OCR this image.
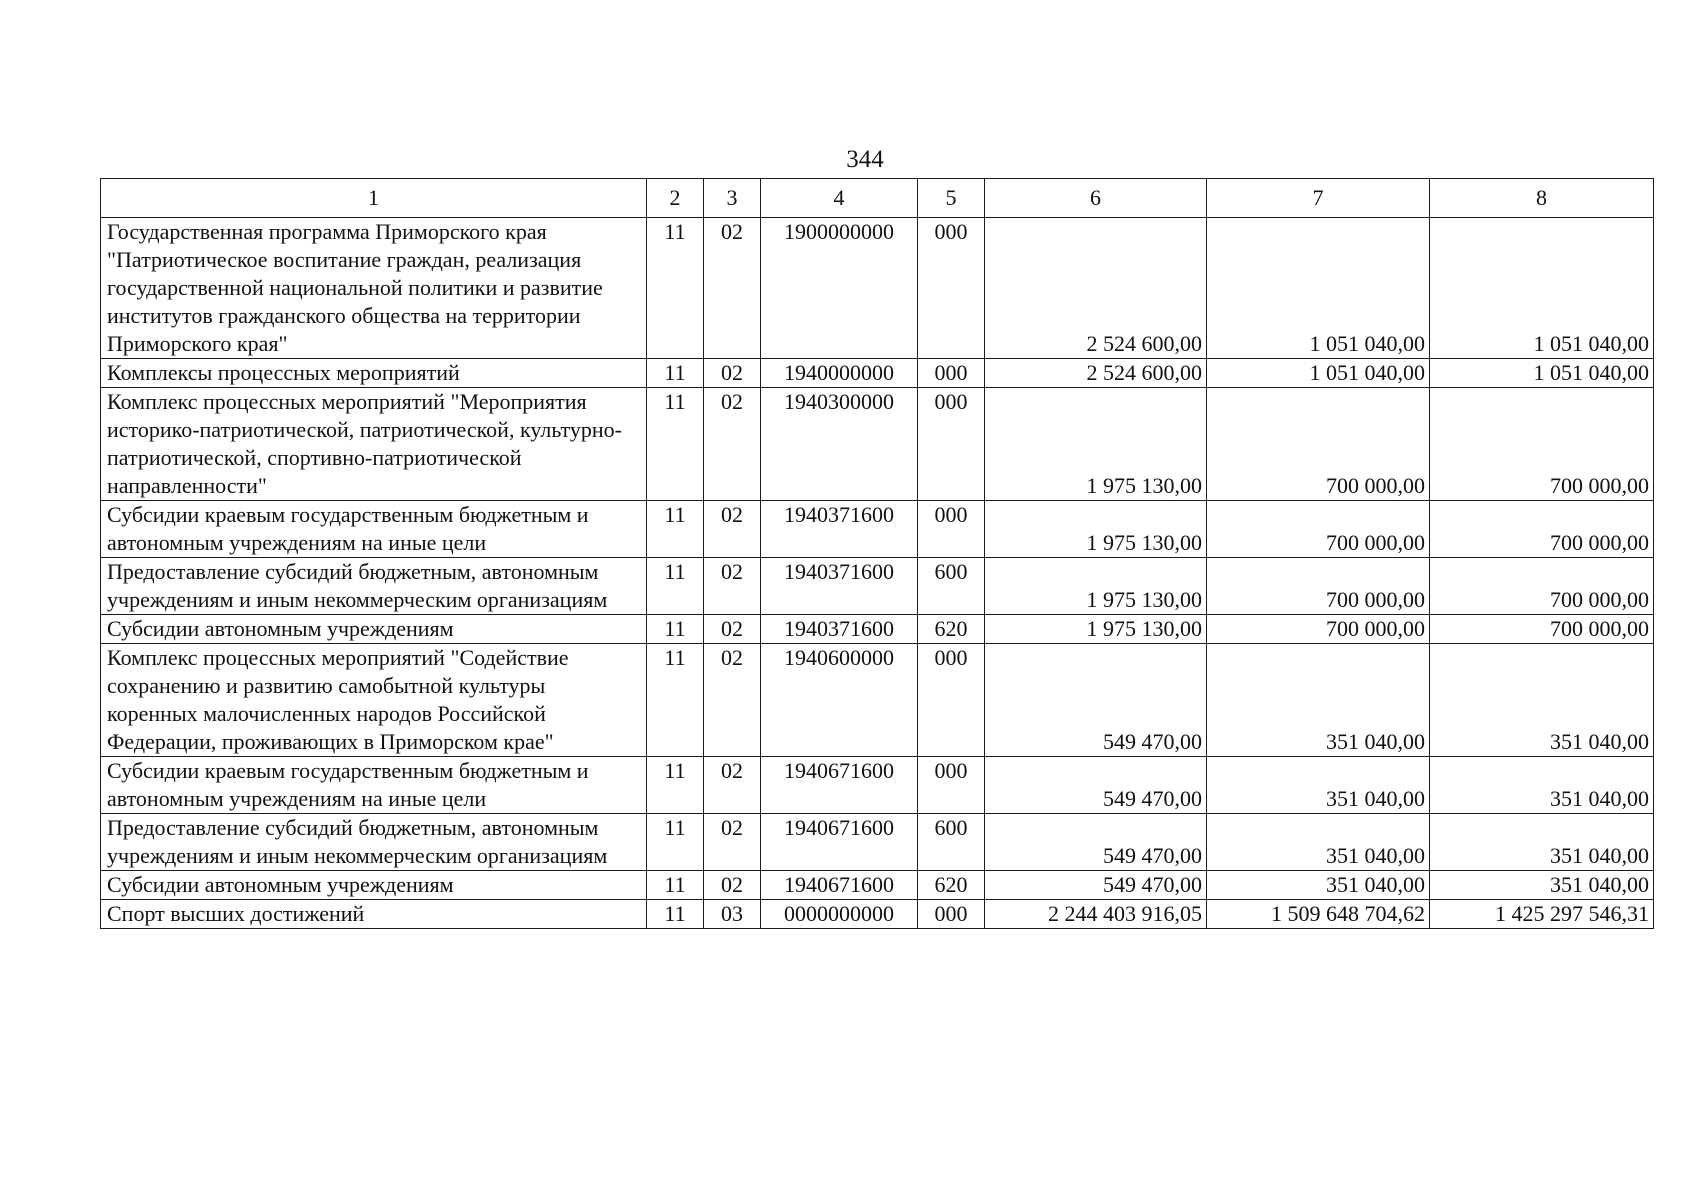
344
1	2	3	4	5	6	7	8
Государственная программа Приморского края "Патриотическое воспитание граждан, реализация государственной национальной политики и развитие институтов гражданского общества на территории Приморского края"	11	02	1900000000	000	2 524 600,00	1 051 040,00	1 051 040,00
Комплексы процессных мероприятий	11	02	1940000000	000	2 524 600,00	1 051 040,00	1 051 040,00
Комплекс процессных мероприятий "Мероприятия историко-патриотической, патриотической, культурно-патриотической, спортивно-патриотической направленности"	11	02	1940300000	000	1 975 130,00	700 000,00	700 000,00
Субсидии краевым государственным бюджетным и автономным учреждениям на иные цели	11	02	1940371600	000	1 975 130,00	700 000,00	700 000,00
Предоставление субсидий бюджетным, автономным учреждениям и иным некоммерческим организациям	11	02	1940371600	600	1 975 130,00	700 000,00	700 000,00
Субсидии автономным учреждениям	11	02	1940371600	620	1 975 130,00	700 000,00	700 000,00
Комплекс процессных мероприятий "Содействие сохранению и развитию самобытной культуры коренных малочисленных народов Российской Федерации, проживающих в Приморском крае"	11	02	1940600000	000	549 470,00	351 040,00	351 040,00
Субсидии краевым государственным бюджетным и автономным учреждениям на иные цели	11	02	1940671600	000	549 470,00	351 040,00	351 040,00
Предоставление субсидий бюджетным, автономным учреждениям и иным некоммерческим организациям	11	02	1940671600	600	549 470,00	351 040,00	351 040,00
Субсидии автономным учреждениям	11	02	1940671600	620	549 470,00	351 040,00	351 040,00
Спорт высших достижений	11	03	0000000000	000	2 244 403 916,05	1 509 648 704,62	1 425 297 546,31
